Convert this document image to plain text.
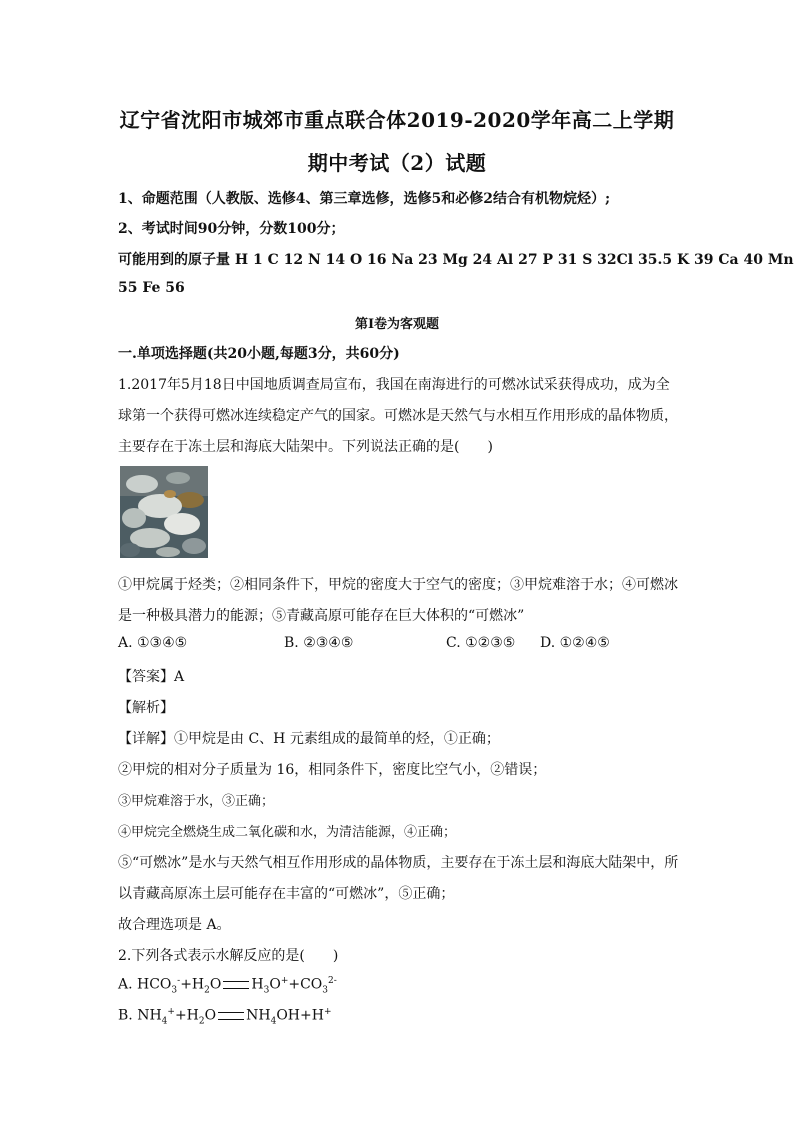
辽宁省沈阳市城郊市重点联合体2019-2020学年高二上学期
期中考试（2）试题
1、命题范围（人教版、选修4、第三章选修，选修5和必修2结合有机物烷烃）;
2、考试时间90分钟，分数100分；
可能用到的原子量 H 1 C 12 N 14 O 16 Na 23 Mg 24 Al 27 P 31 S 32Cl 35.5 K 39 Ca 40 Mn
55 Fe 56
第Ⅰ卷为客观题
一.单项选择题(共20小题,每题3分，共60分)
1.2017年5月18日中国地质调查局宣布，我国在南海进行的可燃冰试采获得成功，成为全
球第一个获得可燃冰连续稳定产气的国家。可燃冰是天然气与水相互作用形成的晶体物质，
主要存在于冻土层和海底大陆架中。下列说法正确的是(　　)
①甲烷属于烃类；②相同条件下，甲烷的密度大于空气的密度；③甲烷难溶于水；④可燃冰
是一种极具潜力的能源；⑤青藏高原可能存在巨大体积的“可燃冰”
A. ①③④⑤	B. ②③④⑤	C. ①②③⑤ D. ①②④⑤
【答案】A
【解析】
【详解】①甲烷是由 C、H 元素组成的最简单的烃，①正确；
②甲烷的相对分子质量为 16，相同条件下，密度比空气小，②错误；
③甲烷难溶于水，③正确；
④甲烷完全燃烧生成二氧化碳和水，为清洁能源，④正确；
⑤“可燃冰”是水与天然气相互作用形成的晶体物质，主要存在于冻土层和海底大陆架中，所
以青藏高原冻土层可能存在丰富的“可燃冰”，⑤正确；
故合理选项是 A。
2.下列各式表示水解反应的是(　　)
A. $HCO_3^-+H_2O$ $H_3O^++CO_3^{2-}$
B. $NH_4^++H_2O$ $NH_4OH+H^+$
